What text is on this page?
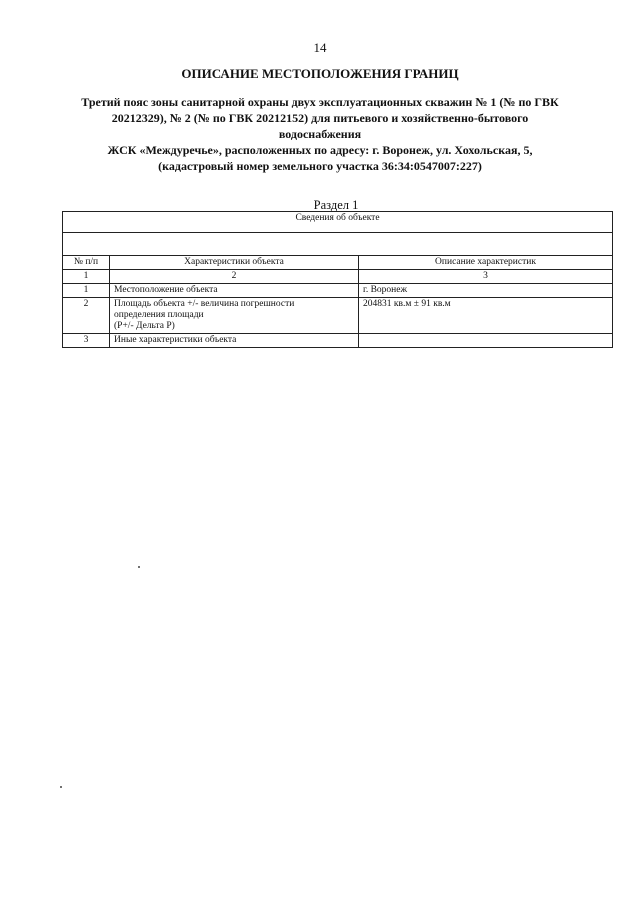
14
ОПИСАНИЕ МЕСТОПОЛОЖЕНИЯ ГРАНИЦ
Третий пояс зоны санитарной охраны двух эксплуатационных скважин № 1 (№ по ГВК
20212329), № 2 (№ по ГВК 20212152) для питьевого и хозяйственно-бытового водоснабжения
ЖСК «Междуречье», расположенных по адресу: г. Воронеж, ул. Хохольская, 5,
(кадастровый номер земельного участка 36:34:0547007:227)
Раздел 1
Сведения об объекте		

№ п/п	Характеристики объекта	Описание характеристик
1	2	3
1	Местоположение объекта	г. Воронеж
2	Площадь объекта +/- величина погрешности
определения площади
(Р+/- Дельта Р)	204831 кв.м ± 91 кв.м
3	Иные характеристики объекта	
